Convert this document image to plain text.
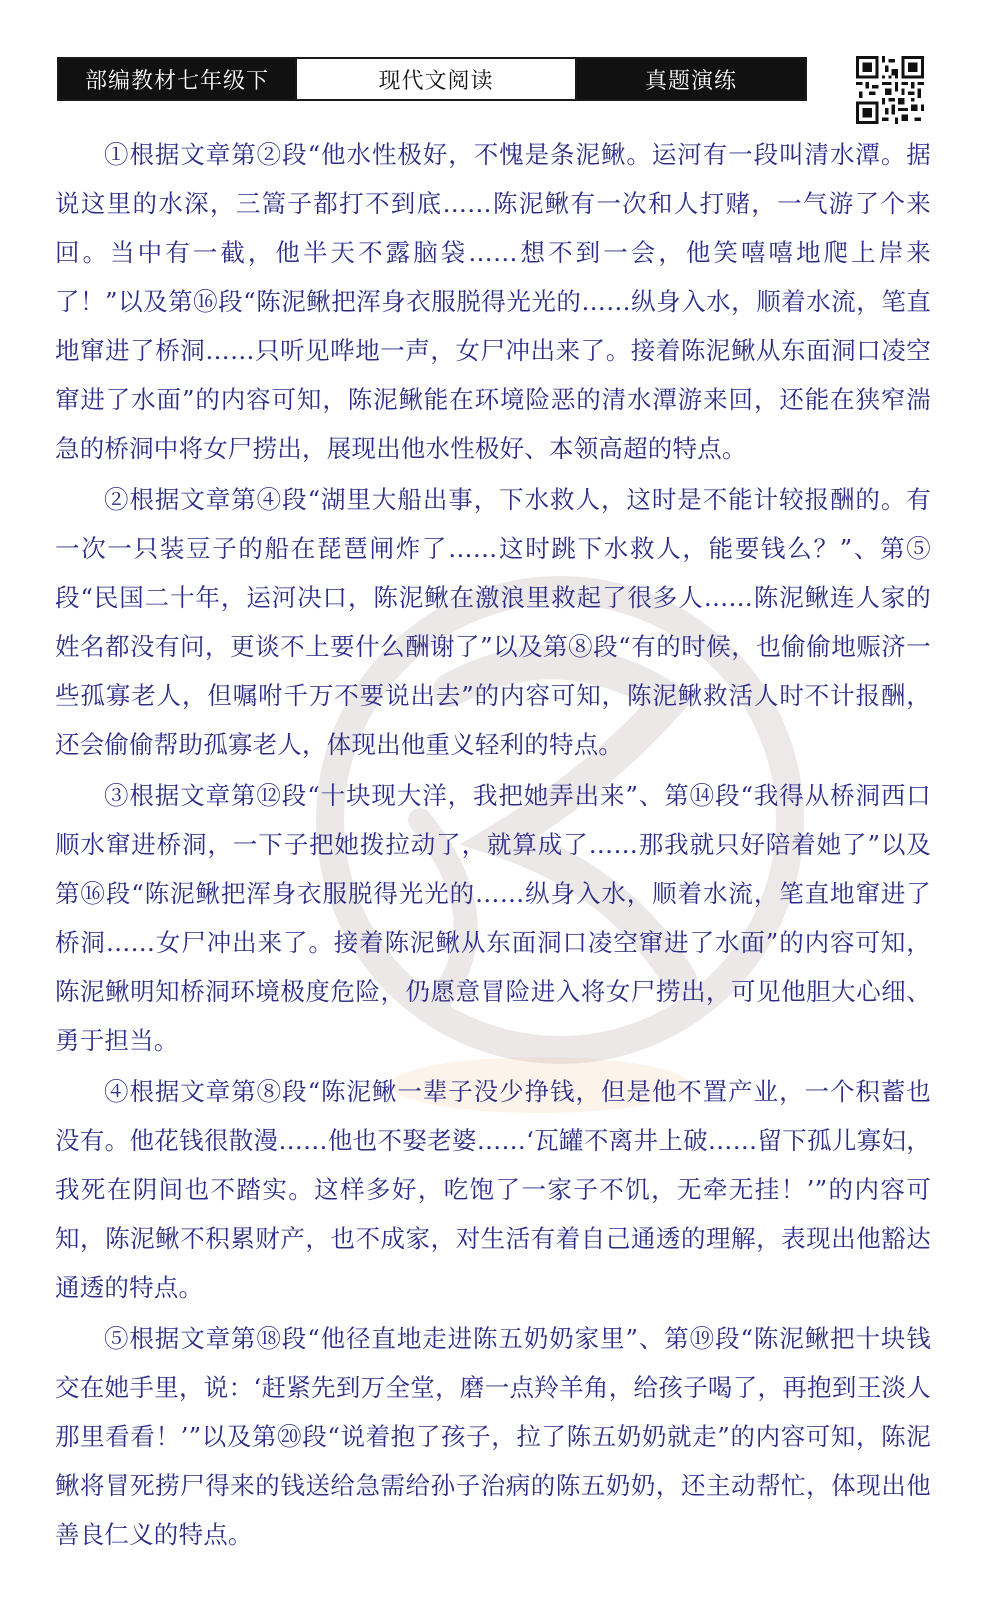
部编教材七年级下	现代文阅读	真题演练

①根据文章第②段“他水性极好，不愧是条泥鳅。运河有一段叫清水潭。据说这里的水深，三篙子都打不到底……陈泥鳅有一次和人打赌，一气游了个来回。当中有一截，他半天不露脑袋……想不到一会，他笑嘻嘻地爬上岸来了！”以及第⑯段“陈泥鳅把浑身衣服脱得光光的……纵身入水，顺着水流，笔直地窜进了桥洞……只听见哗地一声，女尸冲出来了。接着陈泥鳅从东面洞口凌空窜进了水面”的内容可知，陈泥鳅能在环境险恶的清水潭游来回，还能在狭窄湍急的桥洞中将女尸捞出，展现出他水性极好、本领高超的特点。

②根据文章第④段“湖里大船出事，下水救人，这时是不能计较报酬的。有一次一只装豆子的船在琵琶闸炸了……这时跳下水救人，能要钱么？”、第⑤段“民国二十年，运河决口，陈泥鳅在激浪里救起了很多人……陈泥鳅连人家的姓名都没有问，更谈不上要什么酬谢了”以及第⑧段“有的时候，也偷偷地赈济一些孤寡老人，但嘱咐千万不要说出去”的内容可知，陈泥鳅救活人时不计报酬，还会偷偷帮助孤寡老人，体现出他重义轻利的特点。

③根据文章第⑫段“十块现大洋，我把她弄出来”、第⑭段“我得从桥洞西口顺水窜进桥洞，一下子把她拨拉动了，就算成了……那我就只好陪着她了”以及第⑯段“陈泥鳅把浑身衣服脱得光光的……纵身入水，顺着水流，笔直地窜进了桥洞……女尸冲出来了。接着陈泥鳅从东面洞口凌空窜进了水面”的内容可知，陈泥鳅明知桥洞环境极度危险，仍愿意冒险进入将女尸捞出，可见他胆大心细、勇于担当。

④根据文章第⑧段“陈泥鳅一辈子没少挣钱，但是他不置产业，一个积蓄也没有。他花钱很散漫……他也不娶老婆……‘瓦罐不离井上破……留下孤儿寡妇，我死在阴间也不踏实。这样多好，吃饱了一家子不饥，无牵无挂！’”的内容可知，陈泥鳅不积累财产，也不成家，对生活有着自己通透的理解，表现出他豁达通透的特点。

⑤根据文章第⑱段“他径直地走进陈五奶奶家里”、第⑲段“陈泥鳅把十块钱交在她手里，说：‘赶紧先到万全堂，磨一点羚羊角，给孩子喝了，再抱到王淡人那里看看！’”以及第⑳段“说着抱了孩子，拉了陈五奶奶就走”的内容可知，陈泥鳅将冒死捞尸得来的钱送给急需给孙子治病的陈五奶奶，还主动帮忙，体现出他善良仁义的特点。
